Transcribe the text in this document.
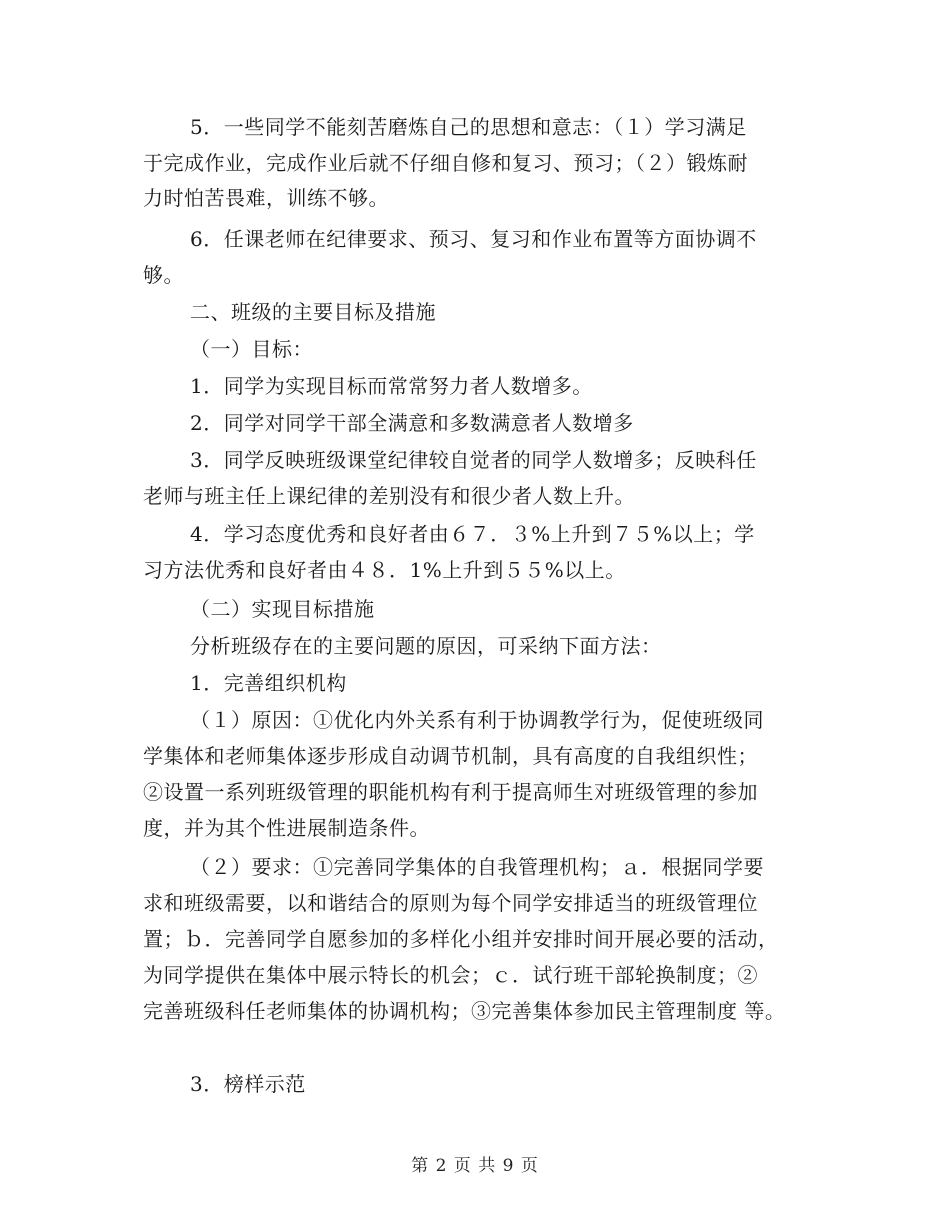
5．一些同学不能刻苦磨炼自己的思想和意志：（１）学习满足
于完成作业，完成作业后就不仔细自修和复习、预习；（２）锻炼耐
力时怕苦畏难，训练不够。
6．任课老师在纪律要求、预习、复习和作业布置等方面协调不
够。
二、班级的主要目标及措施
（一）目标：
1．同学为实现目标而常常努力者人数增多。
2．同学对同学干部全满意和多数满意者人数增多
3．同学反映班级课堂纪律较自觉者的同学人数增多；反映科任
老师与班主任上课纪律的差别没有和很少者人数上升。
4．学习态度优秀和良好者由６７．３%上升到７５%以上；学
习方法优秀和良好者由４８．1%上升到５５%以上。
（二）实现目标措施
分析班级存在的主要问题的原因，可采纳下面方法：
1．完善组织机构
（１）原因：①优化内外关系有利于协调教学行为，促使班级同
学集体和老师集体逐步形成自动调节机制，具有高度的自我组织性；
②设置一系列班级管理的职能机构有利于提高师生对班级管理的参加
度，并为其个性进展制造条件。
（２）要求：①完善同学集体的自我管理机构；ａ．根据同学要
求和班级需要，以和谐结合的原则为每个同学安排适当的班级管理位
置；ｂ．完善同学自愿参加的多样化小组并安排时间开展必要的活动，
为同学提供在集体中展示特长的机会；ｃ．试行班干部轮换制度；②
完善班级科任老师集体的协调机构；③完善集体参加民主管理制度 等。
3．榜样示范
第 2 页 共 9 页
